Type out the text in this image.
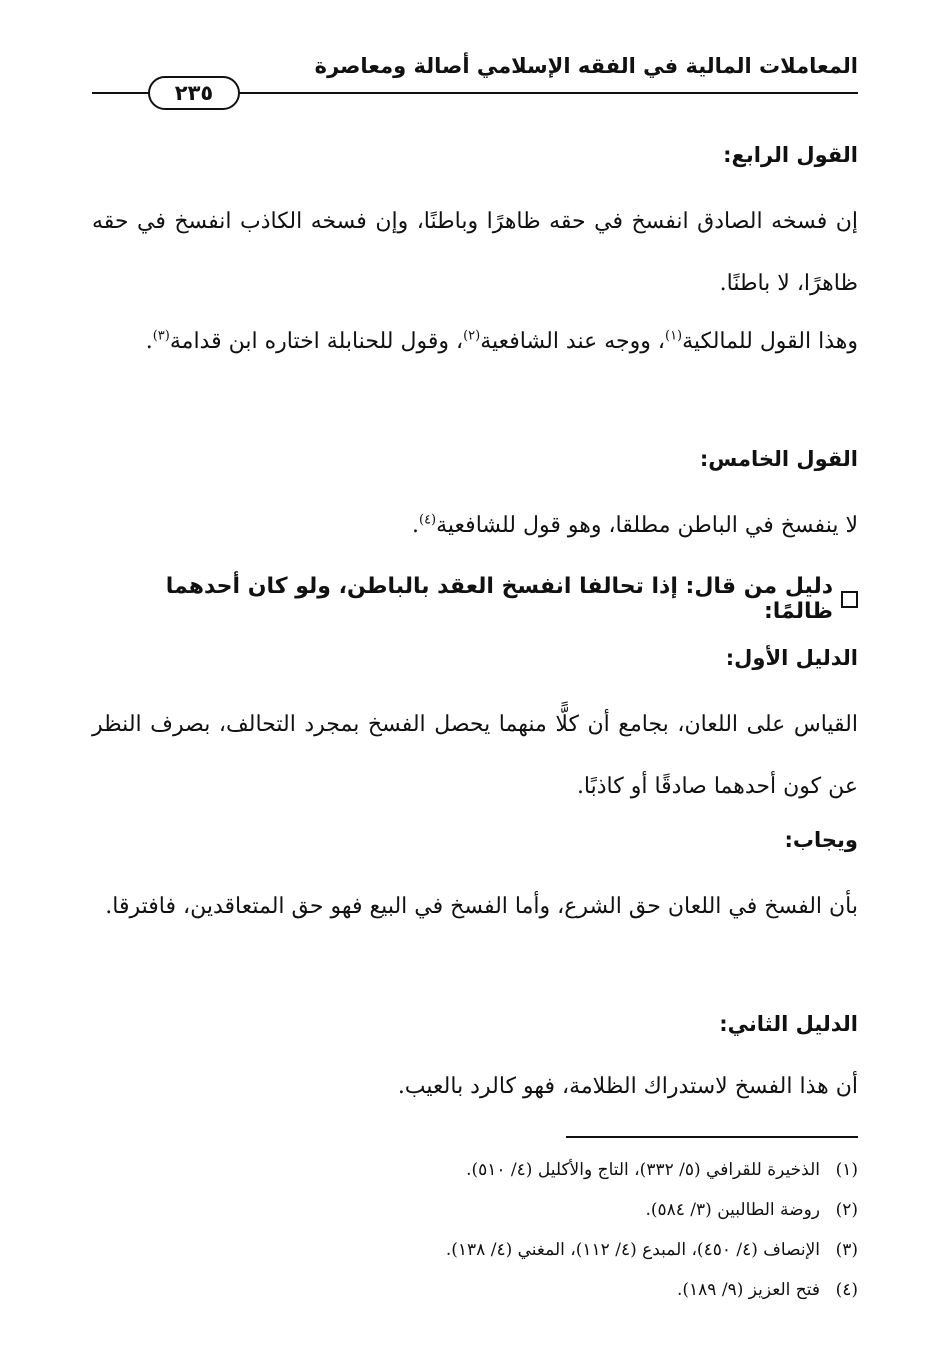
المعاملات المالية في الفقه الإسلامي أصالة ومعاصرة
٢٣٥
القول الرابع:
إن فسخه الصادق انفسخ في حقه ظاهرًا وباطنًا، وإن فسخه الكاذب انفسخ في حقه ظاهرًا، لا باطنًا.
وهذا القول للمالكية$^{(١)}$، ووجه عند الشافعية$^{(٢)}$، وقول للحنابلة اختاره ابن قدامة$^{(٣)}$.
القول الخامس:
لا ينفسخ في الباطن مطلقا، وهو قول للشافعية$^{(٤)}$.
دليل من قال: إذا تحالفا انفسخ العقد بالباطن، ولو كان أحدهما ظالمًا:
الدليل الأول:
القياس على اللعان، بجامع أن كلًّا منهما يحصل الفسخ بمجرد التحالف، بصرف النظر عن كون أحدهما صادقًا أو كاذبًا.
ويجاب:
بأن الفسخ في اللعان حق الشرع، وأما الفسخ في البيع فهو حق المتعاقدين، فافترقا.
الدليل الثاني:
أن هذا الفسخ لاستدراك الظلامة، فهو كالرد بالعيب.
(١)الذخيرة للقرافي (٥/ ٣٣٢)، التاج والأكليل (٤/ ٥١٠).
(٢)روضة الطالبين (٣/ ٥٨٤).
(٣)الإنصاف (٤/ ٤٥٠)، المبدع (٤/ ١١٢)، المغني (٤/ ١٣٨).
(٤)فتح العزيز (٩/ ١٨٩).
